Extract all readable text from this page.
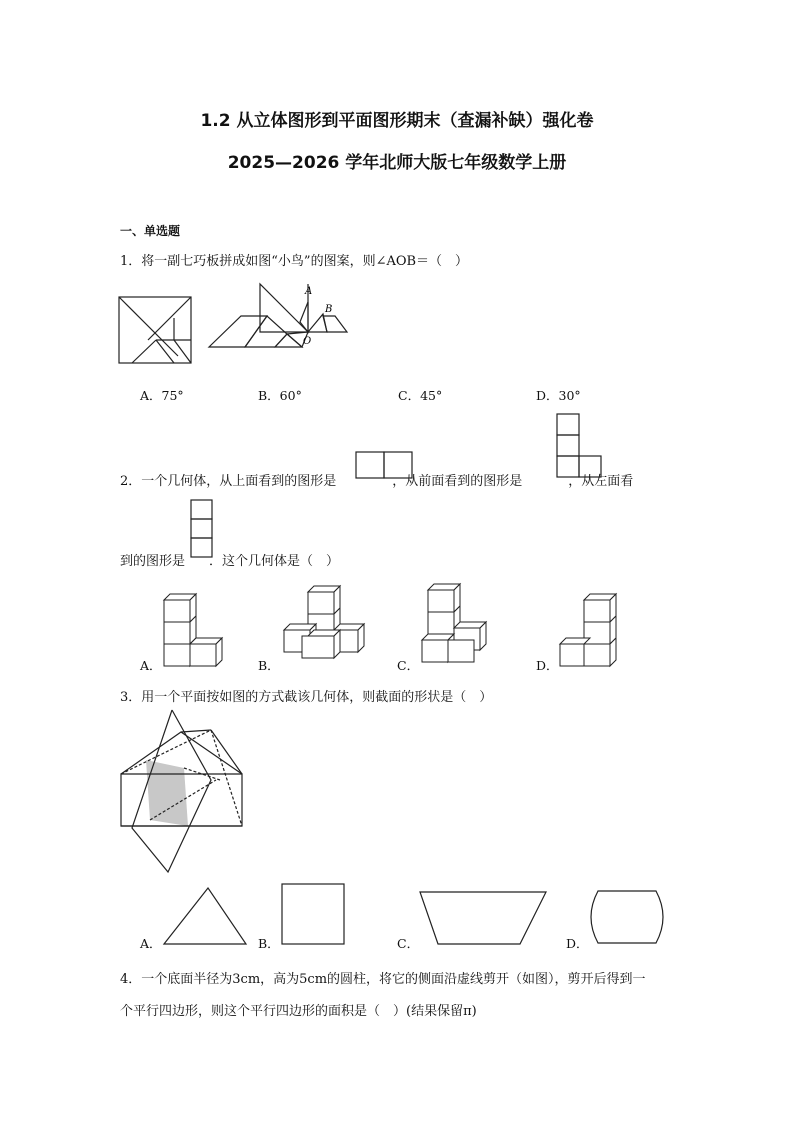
1.2 从立体图形到平面图形期末（查漏补缺）强化卷
2025—2026 学年北师大版七年级数学上册
一、单选题
1．将一副七巧板拼成如图“小鸟”的图案，则∠AOB＝（　）
A
B
O
A．75°	B．60°	C．45°	D．30°
2．一个几何体，从上面看到的图形是	，从前面看到的图形是	，从左面看
到的图形是 ．这个几何体是（　）
A．	B．	C．	D．
3．用一个平面按如图的方式截该几何体，则截面的形状是（　）
A．	B．	C．	D．
4．一个底面半径为3cm，高为5cm的圆柱，将它的侧面沿虚线剪开（如图），剪开后得到一
个平行四边形，则这个平行四边形的面积是（　）(结果保留π)
